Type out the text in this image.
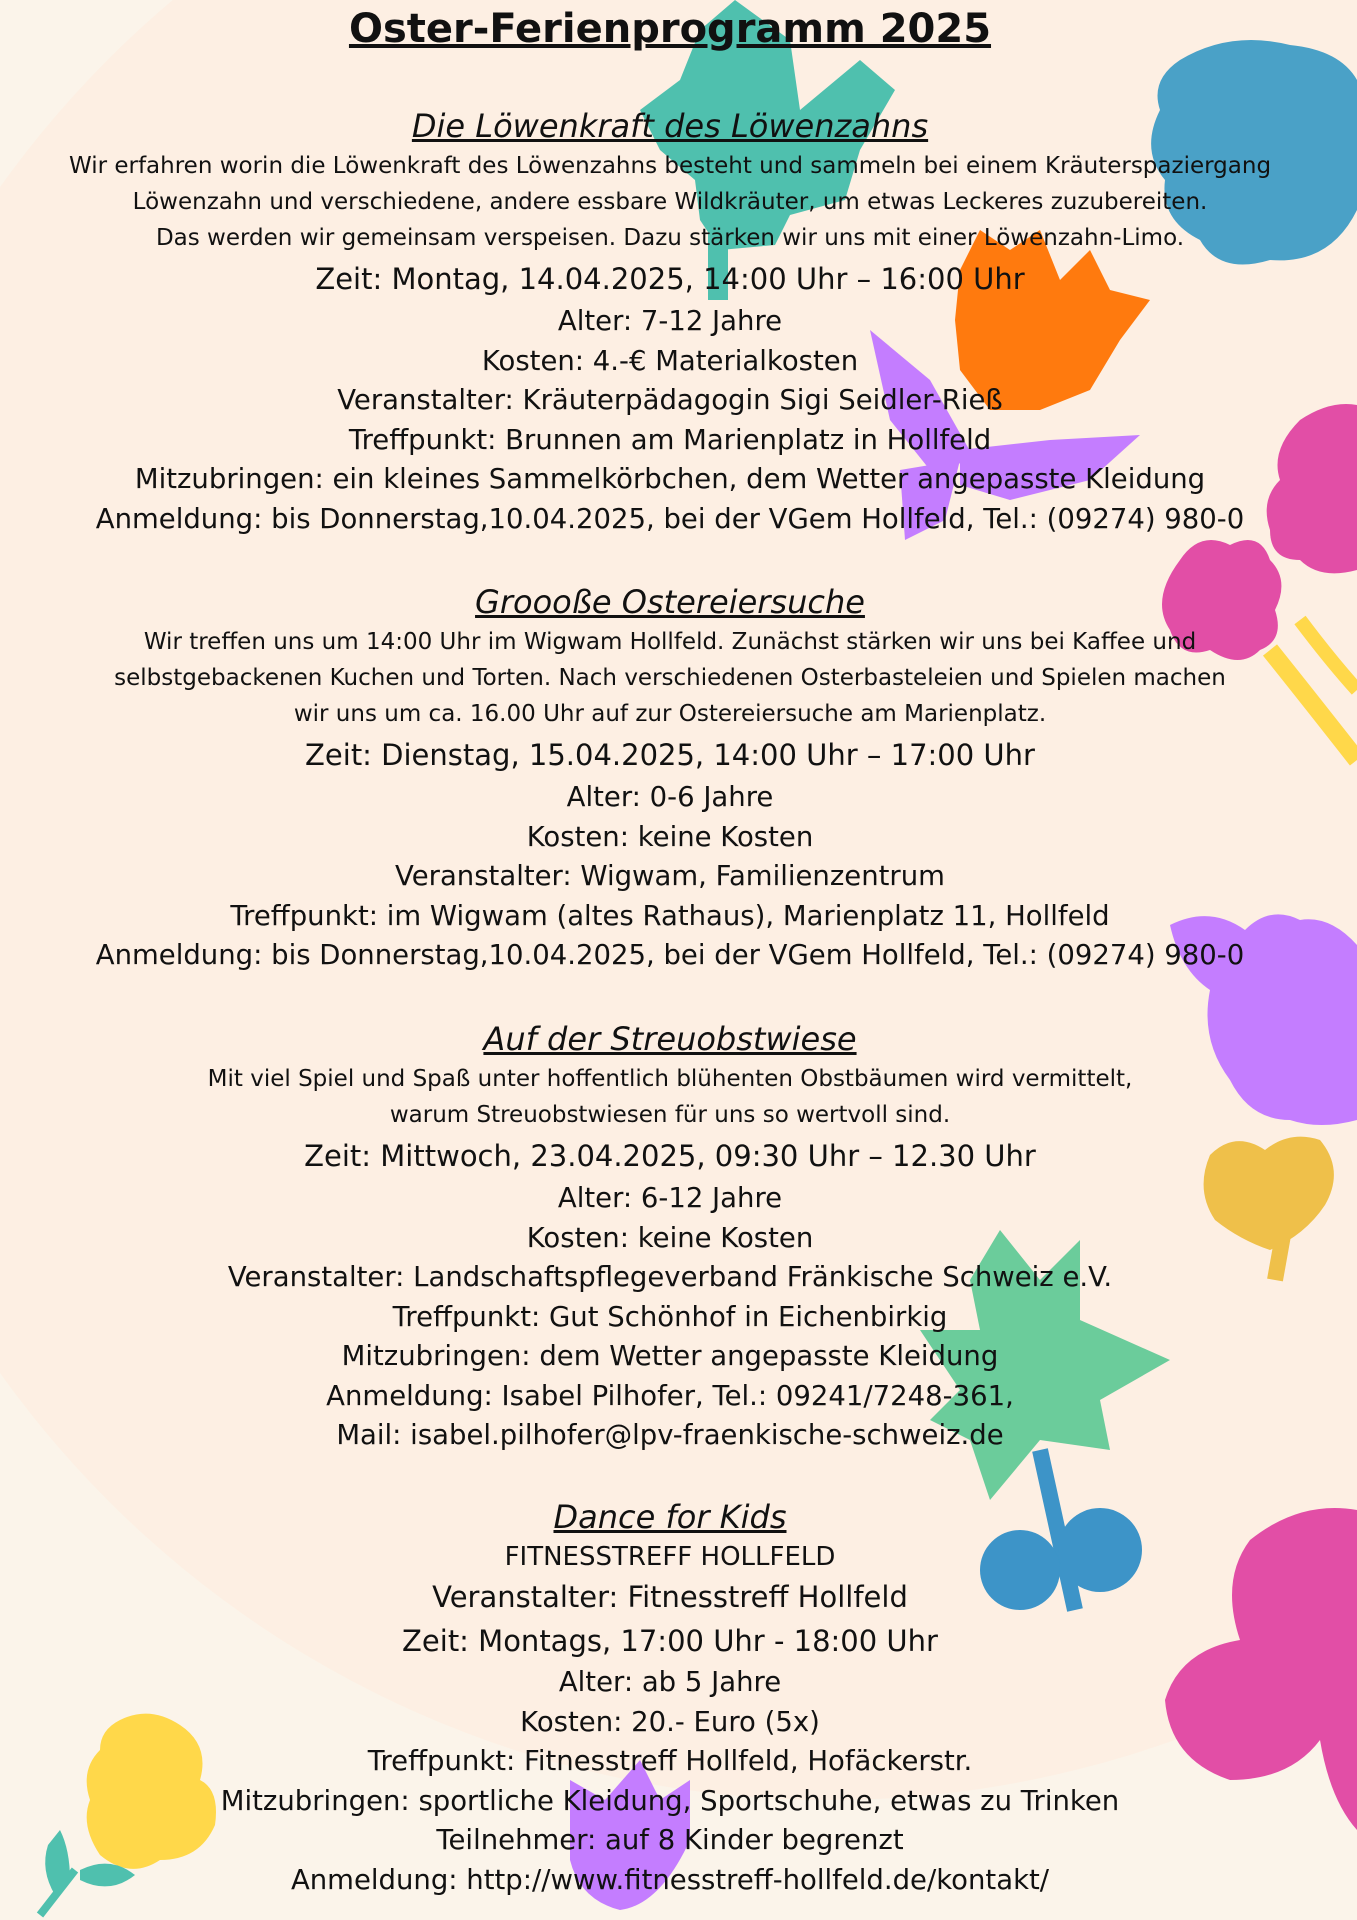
Oster-Ferienprogramm 2025
Die Löwenkraft des Löwenzahns
Wir erfahren worin die Löwenkraft des Löwenzahns besteht und sammeln bei einem Kräuterspaziergang
Löwenzahn und verschiedene, andere essbare Wildkräuter, um etwas Leckeres zuzubereiten.
Das werden wir gemeinsam verspeisen. Dazu stärken wir uns mit einer Löwenzahn-Limo.
Zeit: Montag, 14.04.2025, 14:00 Uhr – 16:00 Uhr
Alter: 7-12 Jahre
Kosten: 4.-€ Materialkosten
Veranstalter: Kräuterpädagogin Sigi Seidler-Rieß
Treffpunkt: Brunnen am Marienplatz in Hollfeld
Mitzubringen: ein kleines Sammelkörbchen, dem Wetter angepasste Kleidung
Anmeldung: bis Donnerstag,10.04.2025, bei der VGem Hollfeld, Tel.: (09274) 980-0
Groooße Ostereiersuche
Wir treffen uns um 14:00 Uhr im Wigwam Hollfeld. Zunächst stärken wir uns bei Kaffee und
selbstgebackenen Kuchen und Torten. Nach verschiedenen Osterbasteleien und Spielen machen
wir uns um ca. 16.00 Uhr auf zur Ostereiersuche am Marienplatz.
Zeit: Dienstag, 15.04.2025, 14:00 Uhr – 17:00 Uhr
Alter: 0-6 Jahre
Kosten: keine Kosten
Veranstalter: Wigwam, Familienzentrum
Treffpunkt: im Wigwam (altes Rathaus), Marienplatz 11, Hollfeld
Anmeldung: bis Donnerstag,10.04.2025, bei der VGem Hollfeld, Tel.: (09274) 980-0
Auf der Streuobstwiese
Mit viel Spiel und Spaß unter hoffentlich blühenten Obstbäumen wird vermittelt,
warum Streuobstwiesen für uns so wertvoll sind.
Zeit: Mittwoch, 23.04.2025, 09:30 Uhr – 12.30 Uhr
Alter: 6-12 Jahre
Kosten: keine Kosten
Veranstalter: Landschaftspflegeverband Fränkische Schweiz e.V.
Treffpunkt: Gut Schönhof in Eichenbirkig
Mitzubringen: dem Wetter angepasste Kleidung
Anmeldung: Isabel Pilhofer, Tel.: 09241/7248-361,
Mail: isabel.pilhofer@lpv-fraenkische-schweiz.de
Dance for Kids
FITNESSTREFF HOLLFELD
Veranstalter: Fitnesstreff Hollfeld
Zeit: Montags, 17:00 Uhr - 18:00 Uhr
Alter: ab 5 Jahre
Kosten: 20.- Euro (5x)
Treffpunkt: Fitnesstreff Hollfeld, Hofäckerstr.
Mitzubringen: sportliche Kleidung, Sportschuhe, etwas zu Trinken
Teilnehmer: auf 8 Kinder begrenzt
Anmeldung: http://www.fitnesstreff-hollfeld.de/kontakt/
